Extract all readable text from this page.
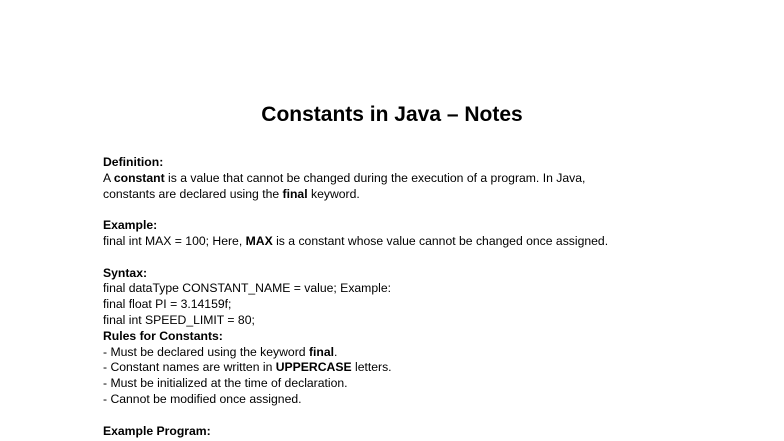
Constants in Java – Notes
Definition:
A constant is a value that cannot be changed during the execution of a program. In Java,
constants are declared using the final keyword.
Example:
final int MAX = 100; Here, MAX is a constant whose value cannot be changed once assigned.
Syntax:
final dataType CONSTANT_NAME = value; Example:
final float PI = 3.14159f;
final int SPEED_LIMIT = 80;
Rules for Constants:
- Must be declared using the keyword final.
- Constant names are written in UPPERCASE letters.
- Must be initialized at the time of declaration.
- Cannot be modified once assigned.
Example Program:
